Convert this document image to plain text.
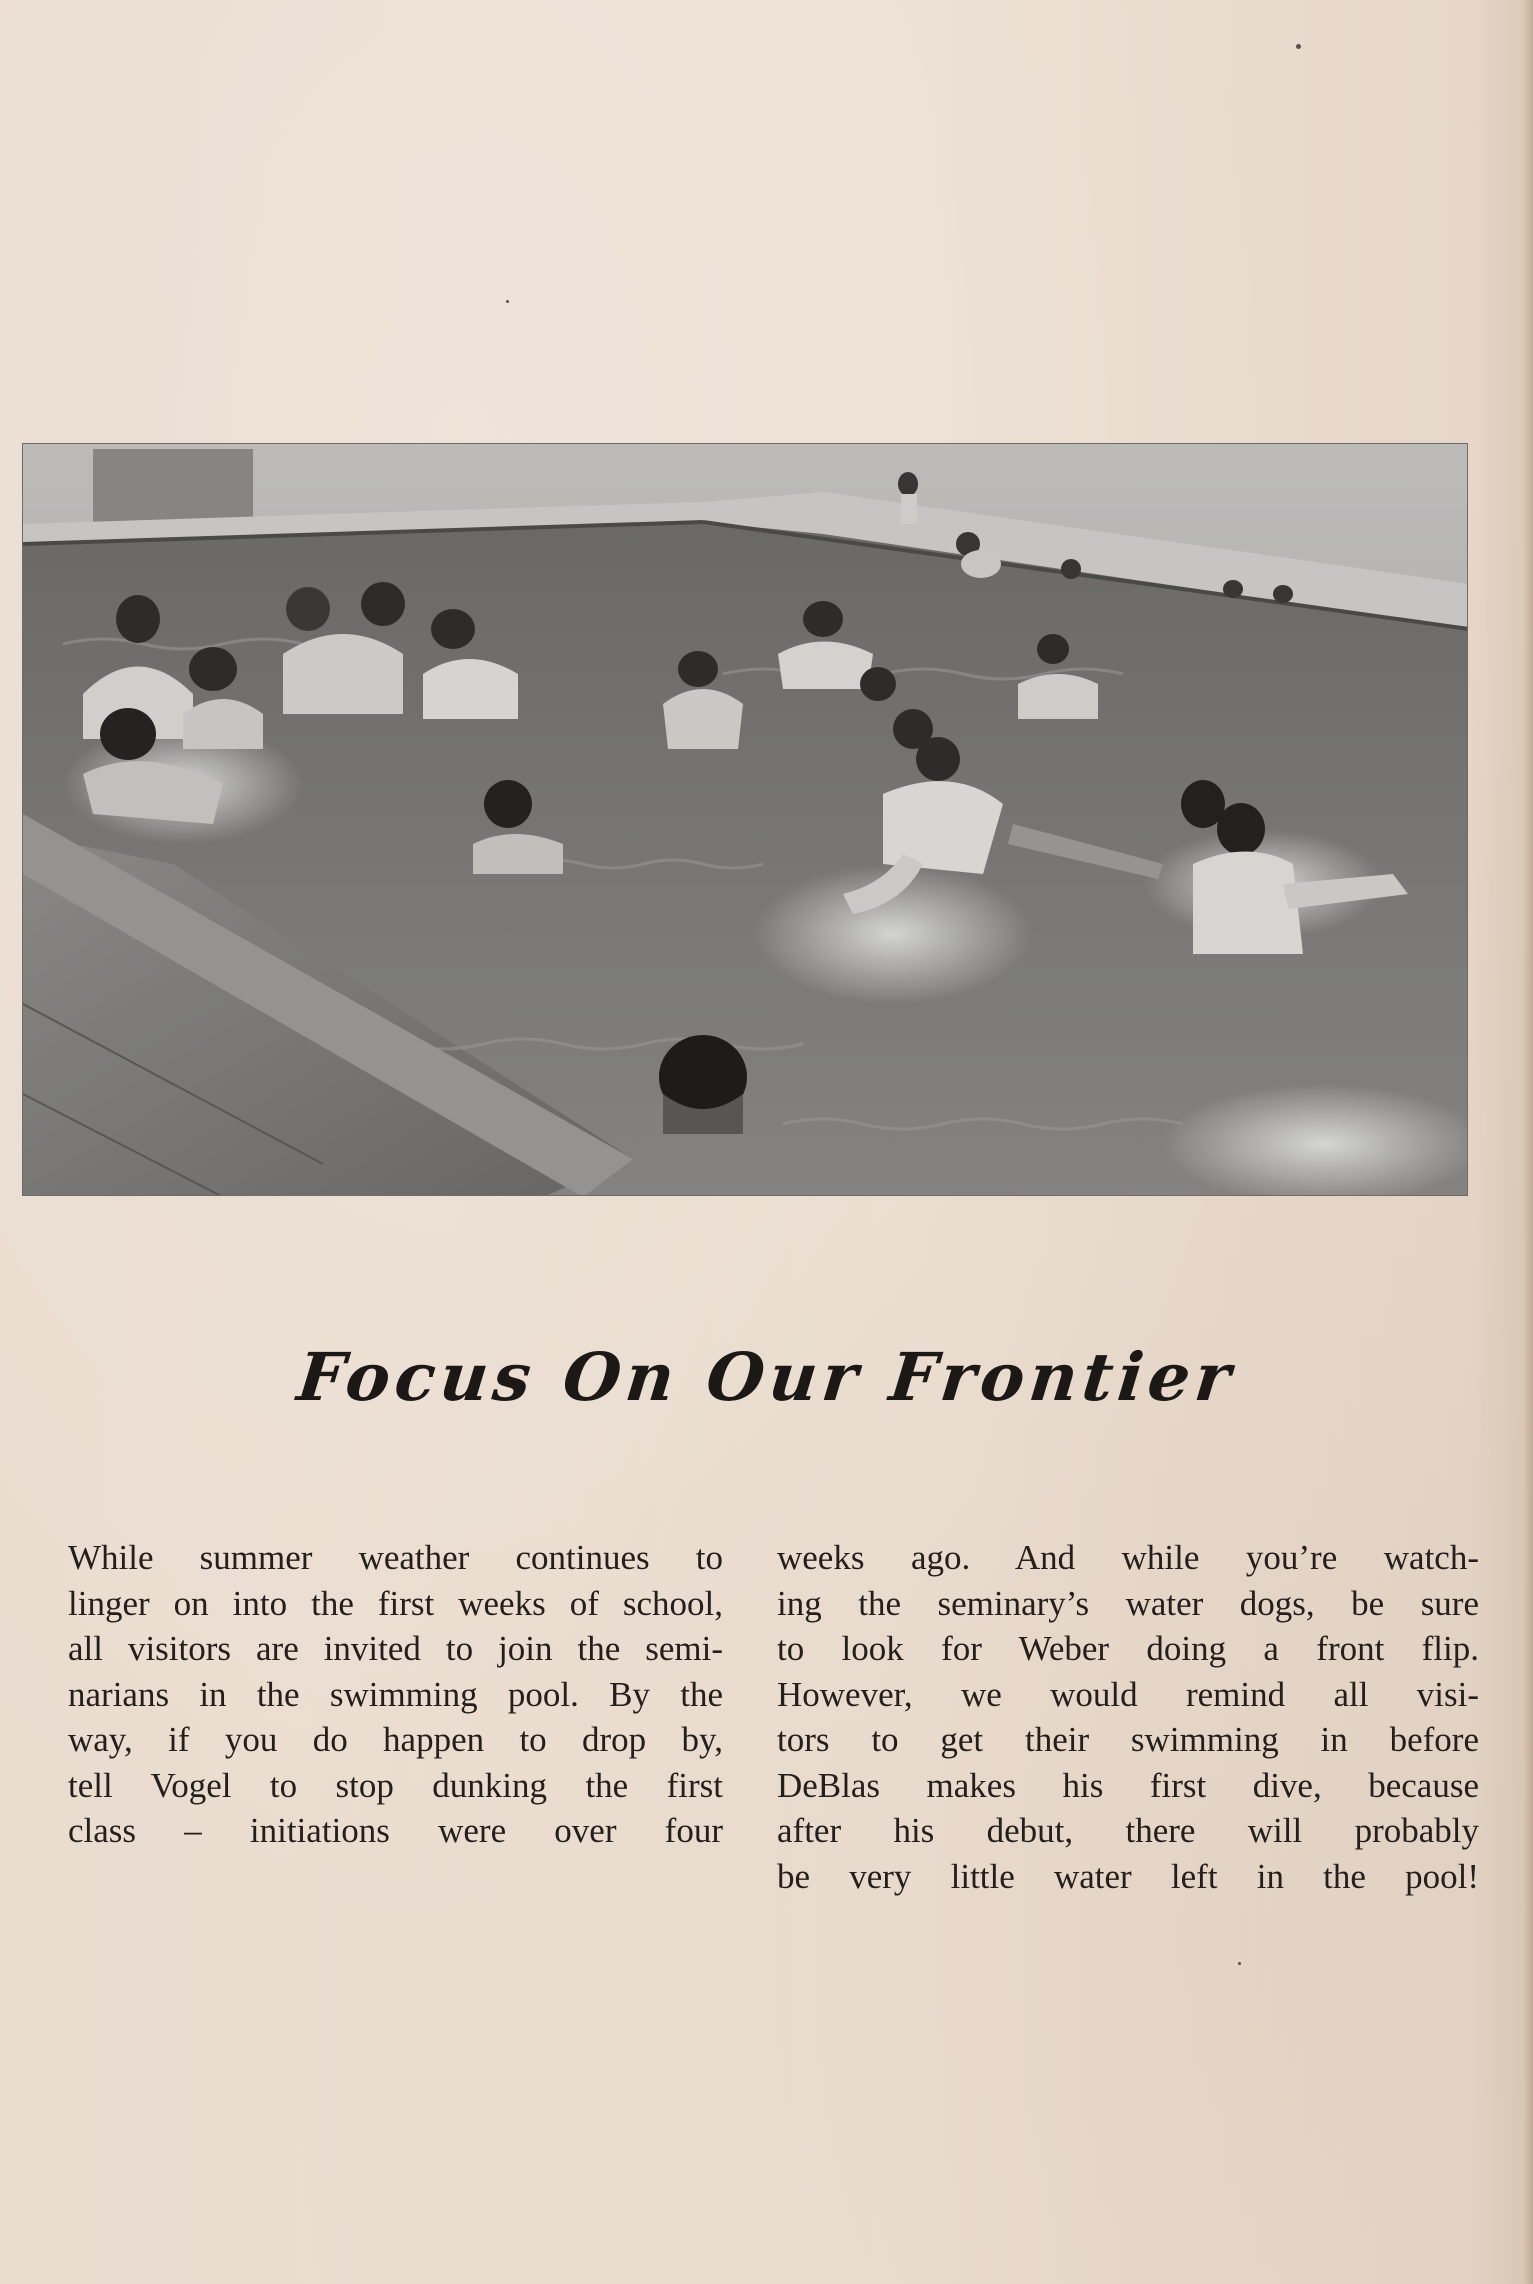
Focus On Our Frontier
While summer weather continues to
linger on into the first weeks of school,
all visitors are invited to join the semi-
narians in the swimming pool. By the
way, if you do happen to drop by,
tell Vogel to stop dunking the first
class – initiations were over four
weeks ago. And while you’re watch-
ing the seminary’s water dogs, be sure
to look for Weber doing a front flip.
However, we would remind all visi-
tors to get their swimming in before
DeBlas makes his first dive, because
after his debut, there will probably
be very little water left in the pool!
